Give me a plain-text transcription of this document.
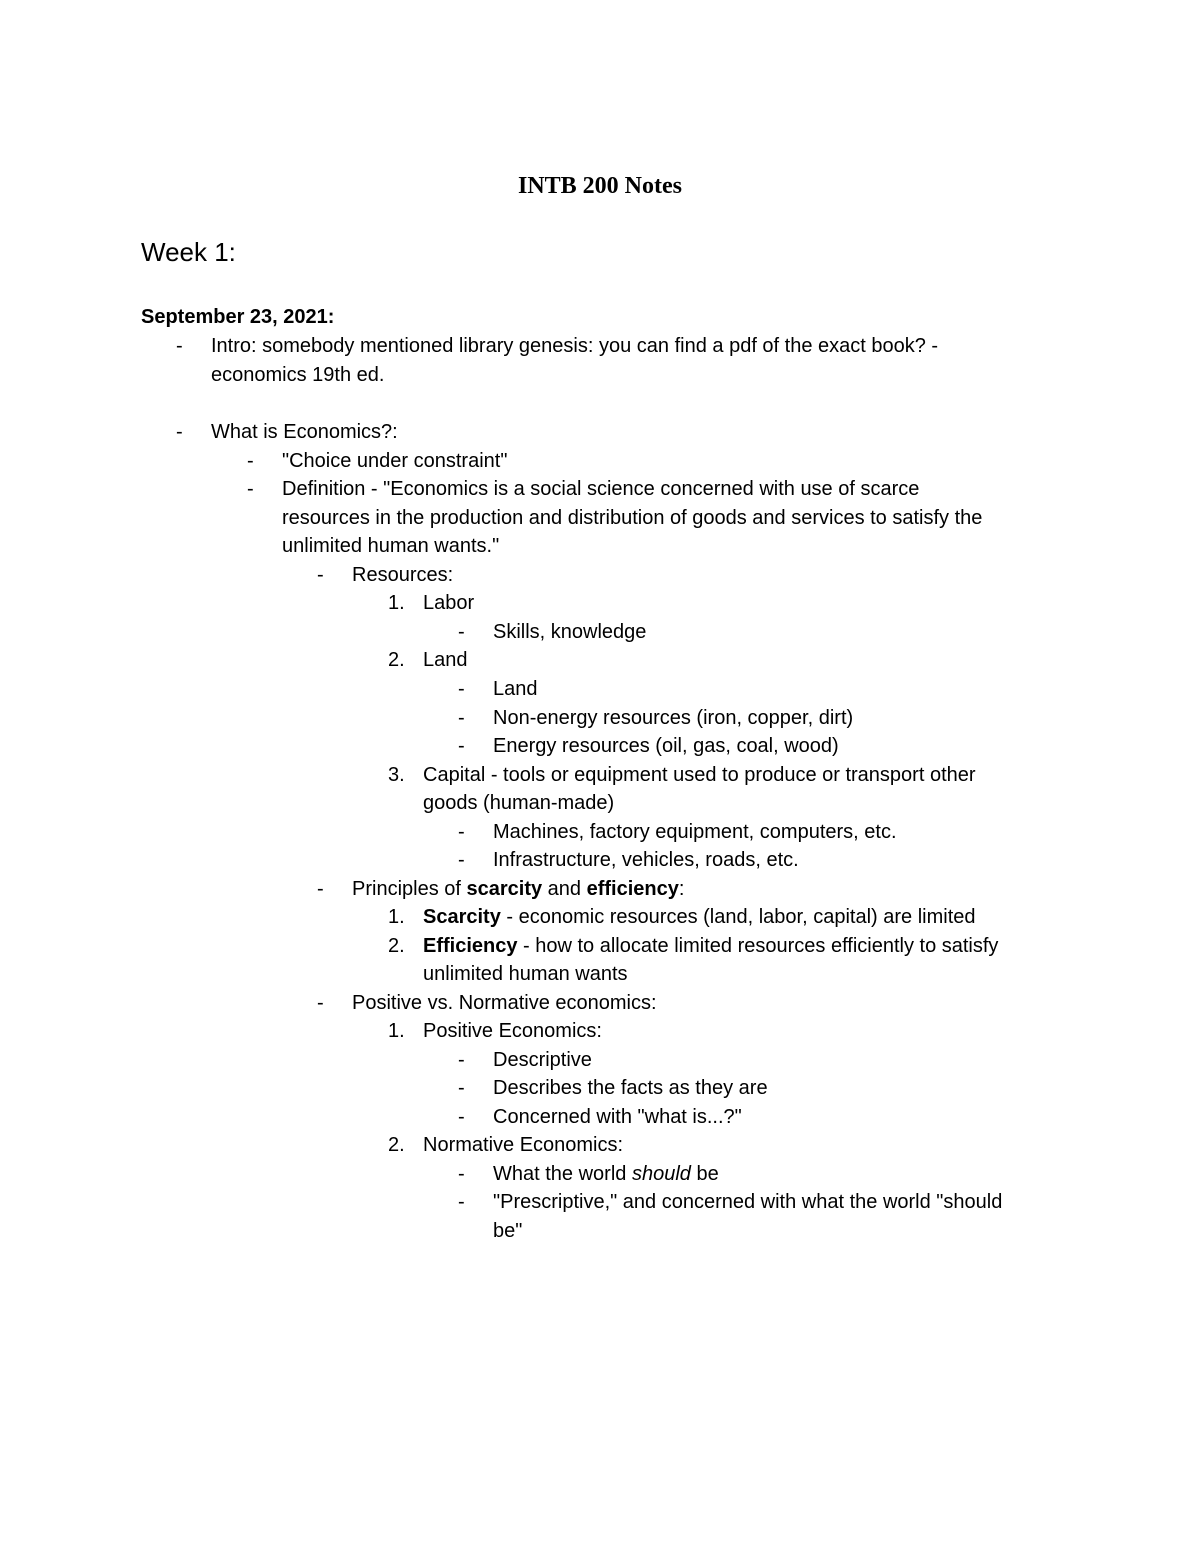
INTB 200 Notes
Week 1:
September 23, 2021:
- Intro: somebody mentioned library genesis: you can find a pdf of the exact book? -
economics 19th ed.
- What is Economics?:
- "Choice under constraint"
- Definition - "Economics is a social science concerned with use of scarce
resources in the production and distribution of goods and services to satisfy the
unlimited human wants."
- Resources:
1. Labor
- Skills, knowledge
2. Land
- Land
- Non-energy resources (iron, copper, dirt)
- Energy resources (oil, gas, coal, wood)
3. Capital - tools or equipment used to produce or transport other
goods (human-made)
- Machines, factory equipment, computers, etc.
- Infrastructure, vehicles, roads, etc.
- Principles of scarcity and efficiency:
1. Scarcity - economic resources (land, labor, capital) are limited
2. Efficiency - how to allocate limited resources efficiently to satisfy
unlimited human wants
- Positive vs. Normative economics:
1. Positive Economics:
- Descriptive
- Describes the facts as they are
- Concerned with "what is...?"
2. Normative Economics:
- What the world should be
- "Prescriptive," and concerned with what the world "should
be"
